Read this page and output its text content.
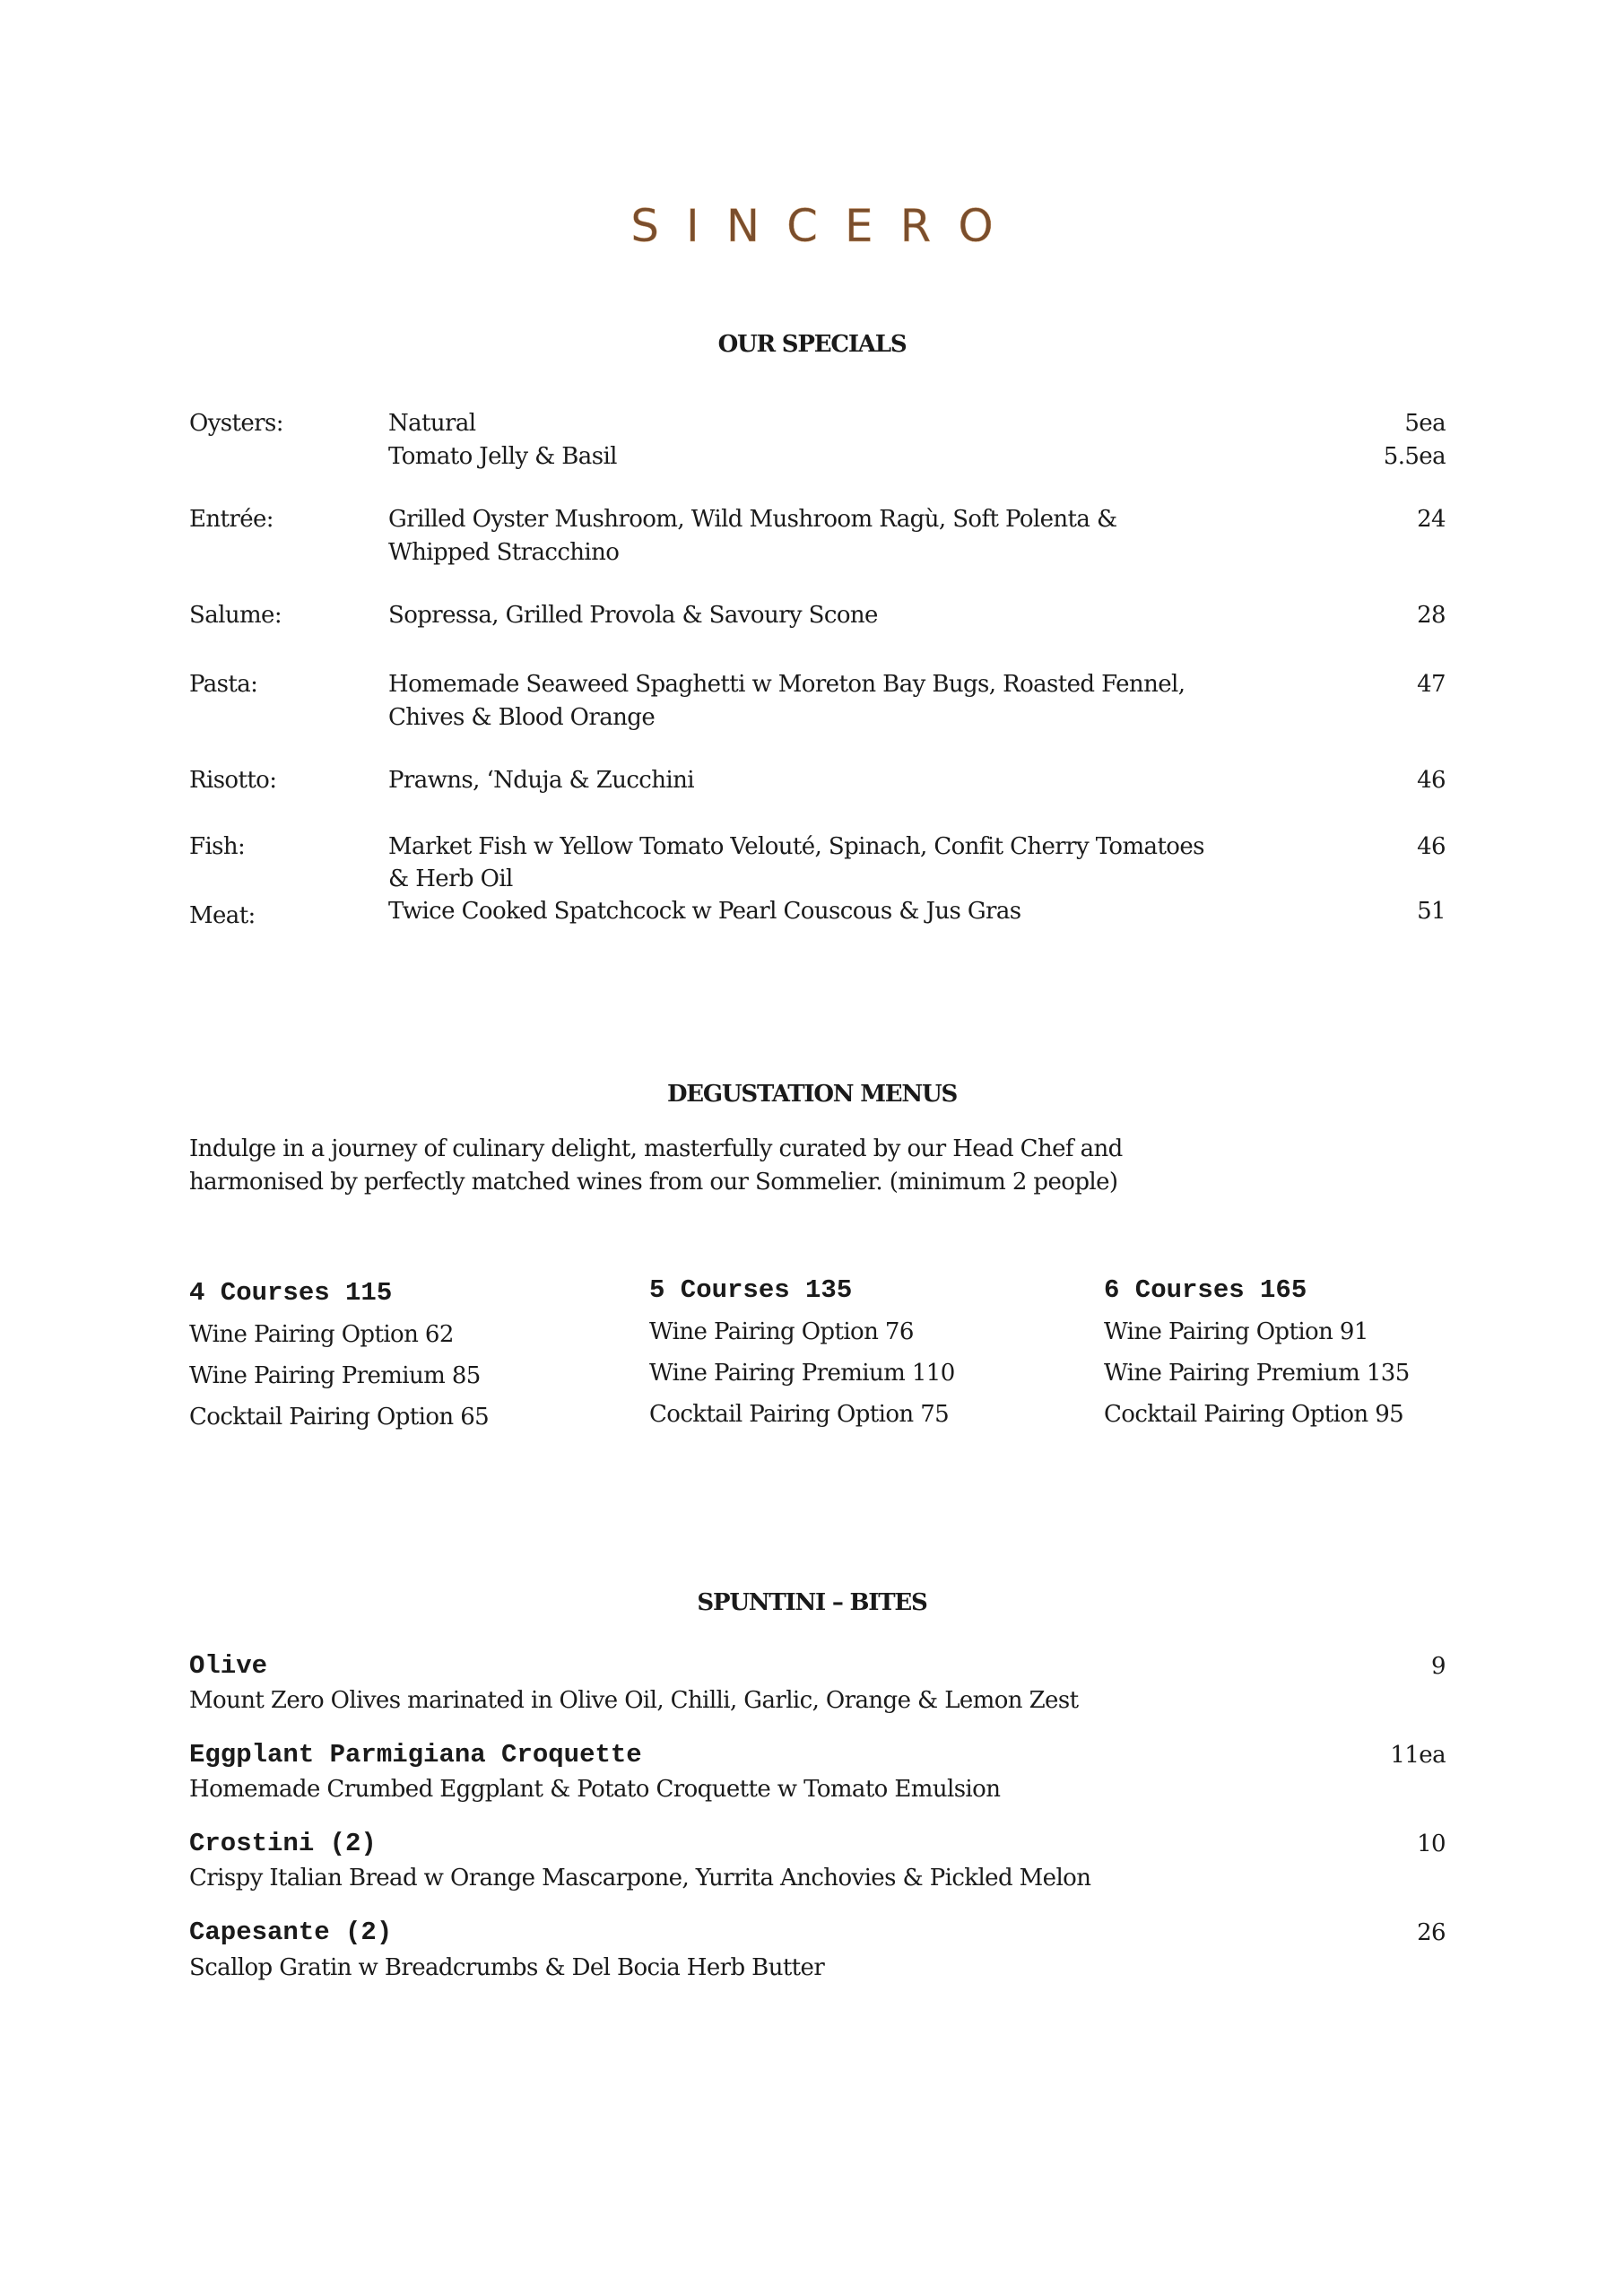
SINCERO
OUR SPECIALS
Oysters:	Natural	5ea
Tomato Jelly & Basil	5.5ea
Entrée:	Grilled Oyster Mushroom, Wild Mushroom Ragù, Soft Polenta &	24
Whipped Stracchino
Salume:	Sopressa, Grilled Provola & Savoury Scone	28
Pasta:	Homemade Seaweed Spaghetti w Moreton Bay Bugs, Roasted Fennel,	47
Chives & Blood Orange
Risotto:	Prawns, ‘Nduja & Zucchini	46
Fish:	Market Fish w Yellow Tomato Velouté, Spinach, Confit Cherry Tomatoes	46
& Herb Oil
Meat:	Twice Cooked Spatchcock w Pearl Couscous & Jus Gras	51
DEGUSTATION MENUS
Indulge in a journey of culinary delight, masterfully curated by our Head Chef and
harmonised by perfectly matched wines from our Sommelier. (minimum 2 people)
4 Courses 115
Wine Pairing Option 62
Wine Pairing Premium 85
Cocktail Pairing Option 65
5 Courses 135
Wine Pairing Option 76
Wine Pairing Premium 110
Cocktail Pairing Option 75
6 Courses 165
Wine Pairing Option 91
Wine Pairing Premium 135
Cocktail Pairing Option 95
SPUNTINI – BITES
Olive	9
Mount Zero Olives marinated in Olive Oil, Chilli, Garlic, Orange & Lemon Zest
Eggplant Parmigiana Croquette	11ea
Homemade Crumbed Eggplant & Potato Croquette w Tomato Emulsion
Crostini (2)	10
Crispy Italian Bread w Orange Mascarpone, Yurrita Anchovies & Pickled Melon
Capesante (2)	26
Scallop Gratin w Breadcrumbs & Del Bocia Herb Butter
